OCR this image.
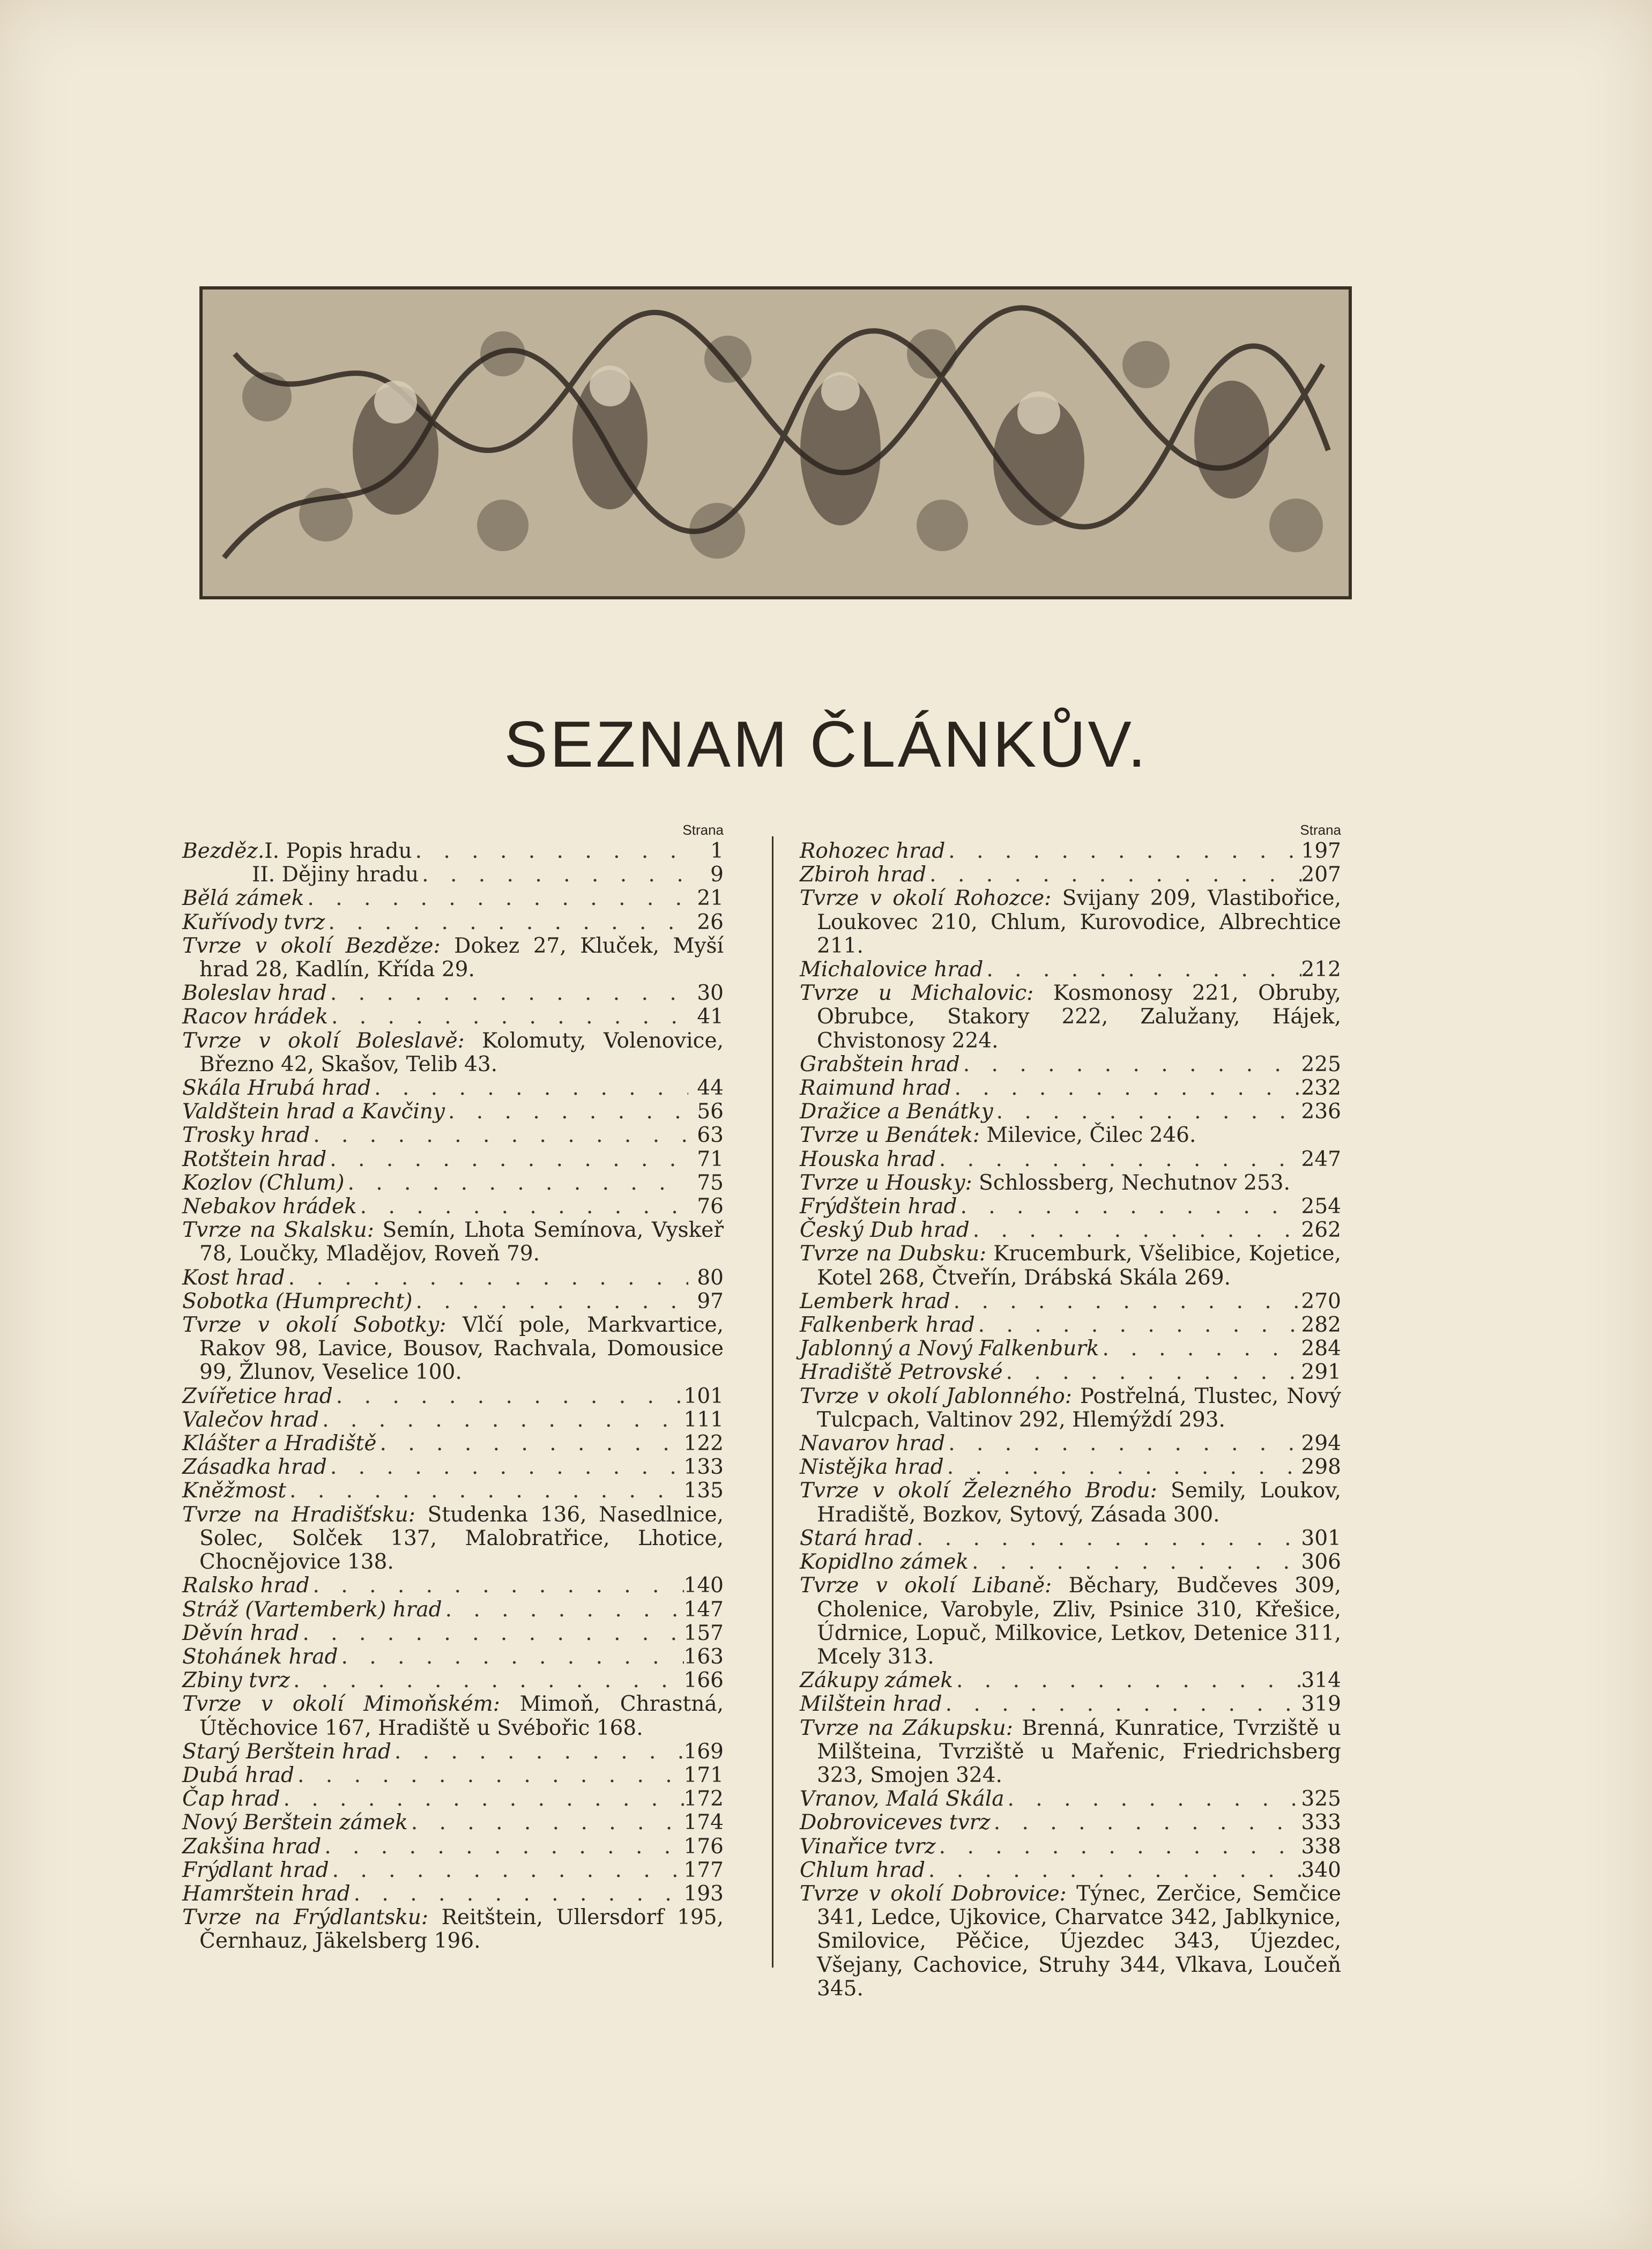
SEZNAM ČLÁNKŮV.
Strana
Bezděz. I. Popis hradu . . .	1
II. Dějiny hradu . . .	9
Bělá zámek . . .	21
Kuřívody tvrz . . .	26
Tvrze v okolí Bezděze: Dokez 27, Kluček, Myší hrad 28, Kadlín, Křída 29.
Boleslav hrad . . .	30
Racov hrádek . . .	41
Tvrze v okolí Boleslavě: Kolomuty, Volenovice, Březno 42, Skašov, Telib 43.
Skála Hrubá hrad . . .	44
Valdštein hrad a Kavčiny . . .	56
Trosky hrad . . .	63
Rotštein hrad . . .	71
Kozlov (Chlum) . . .	75
Nebakov hrádek . . .	76
Tvrze na Skalsku: Semín, Lhota Semínova, Vyskeř 78, Loučky, Mladějov, Roveň 79.
Kost hrad . . .	80
Sobotka (Humprecht) . . .	97
Tvrze v okolí Sobotky: Vlčí pole, Markvartice, Rakov 98, Lavice, Bousov, Rachvala, Domousice 99, Žlunov, Veselice 100.
Zvířetice hrad . . .	101
Valečov hrad . . .	111
Klášter a Hradiště . . .	122
Zásadka hrad . . .	133
Kněžmost . . .	135
Tvrze na Hradišťsku: Studenka 136, Nasedlnice, Solec, Solček 137, Malobratřice, Lhotice, Chocnějovice 138.
Ralsko hrad . . .	140
Stráž (Vartemberk) hrad . . .	147
Děvín hrad . . .	157
Stohánek hrad . . .	163
Zbiny tvrz . . .	166
Tvrze v okolí Mimoňském: Mimoň, Chrastná, Útěchovice 167, Hradiště u Svébořic 168.
Starý Berštein hrad . . .	169
Dubá hrad . . .	171
Čap hrad . . .	172
Nový Berštein zámek . . .	174
Zakšina hrad . . .	176
Frýdlant hrad . . .	177
Hamrštein hrad . . .	193
Tvrze na Frýdlantsku: Reitštein, Ullersdorf 195, Černhauz, Jäkelsberg 196.
Strana
Rohozec hrad . . .	197
Zbiroh hrad . . .	207
Tvrze v okolí Rohozce: Svijany 209, Vlastibořice, Loukovec 210, Chlum, Kurovodice, Albrechtice 211.
Michalovice hrad . . .	212
Tvrze u Michalovic: Kosmonosy 221, Obruby, Obrubce, Stakory 222, Zalužany, Hájek, Chvistonosy 224.
Grabštein hrad . . .	225
Raimund hrad . . .	232
Dražice a Benátky . . .	236
Tvrze u Benátek: Milevice, Čilec 246.
Houska hrad . . .	247
Tvrze u Housky: Schlossberg, Nechutnov 253.
Frýdštein hrad . . .	254
Český Dub hrad . . .	262
Tvrze na Dubsku: Krucemburk, Všelibice, Kojetice, Kotel 268, Čtveřín, Drábská Skála 269.
Lemberk hrad . . .	270
Falkenberk hrad . . .	282
Jablonný a Nový Falkenburk . . .	284
Hradiště Petrovské . . .	291
Tvrze v okolí Jablonného: Postřelná, Tlustec, Nový Tulcpach, Valtinov 292, Hlemýždí 293.
Navarov hrad . . .	294
Nistějka hrad . . .	298
Tvrze v okolí Železného Brodu: Semily, Loukov, Hradiště, Bozkov, Sytový, Zásada 300.
Stará hrad . . .	301
Kopidlno zámek . . .	306
Tvrze v okolí Libaně: Běchary, Budčeves 309, Cholenice, Varobyle, Zliv, Psinice 310, Křešice, Údrnice, Lopuč, Milkovice, Letkov, Detenice 311, Mcely 313.
Zákupy zámek . . .	314
Milštein hrad . . .	319
Tvrze na Zákupsku: Brenná, Kunratice, Tvrziště u Milšteina, Tvrziště u Mařenic, Friedrichsberg 323, Smojen 324.
Vranov, Malá Skála . . .	325
Dobroviceves tvrz . . .	333
Vinařice tvrz . . .	338
Chlum hrad . . .	340
Tvrze v okolí Dobrovice: Týnec, Zerčice, Semčice 341, Ledce, Ujkovice, Charvatce 342, Jablkynice, Smilovice, Pěčice, Újezdec 343, Újezdec, Všejany, Cachovice, Struhy 344, Vlkava, Loučeň 345.
